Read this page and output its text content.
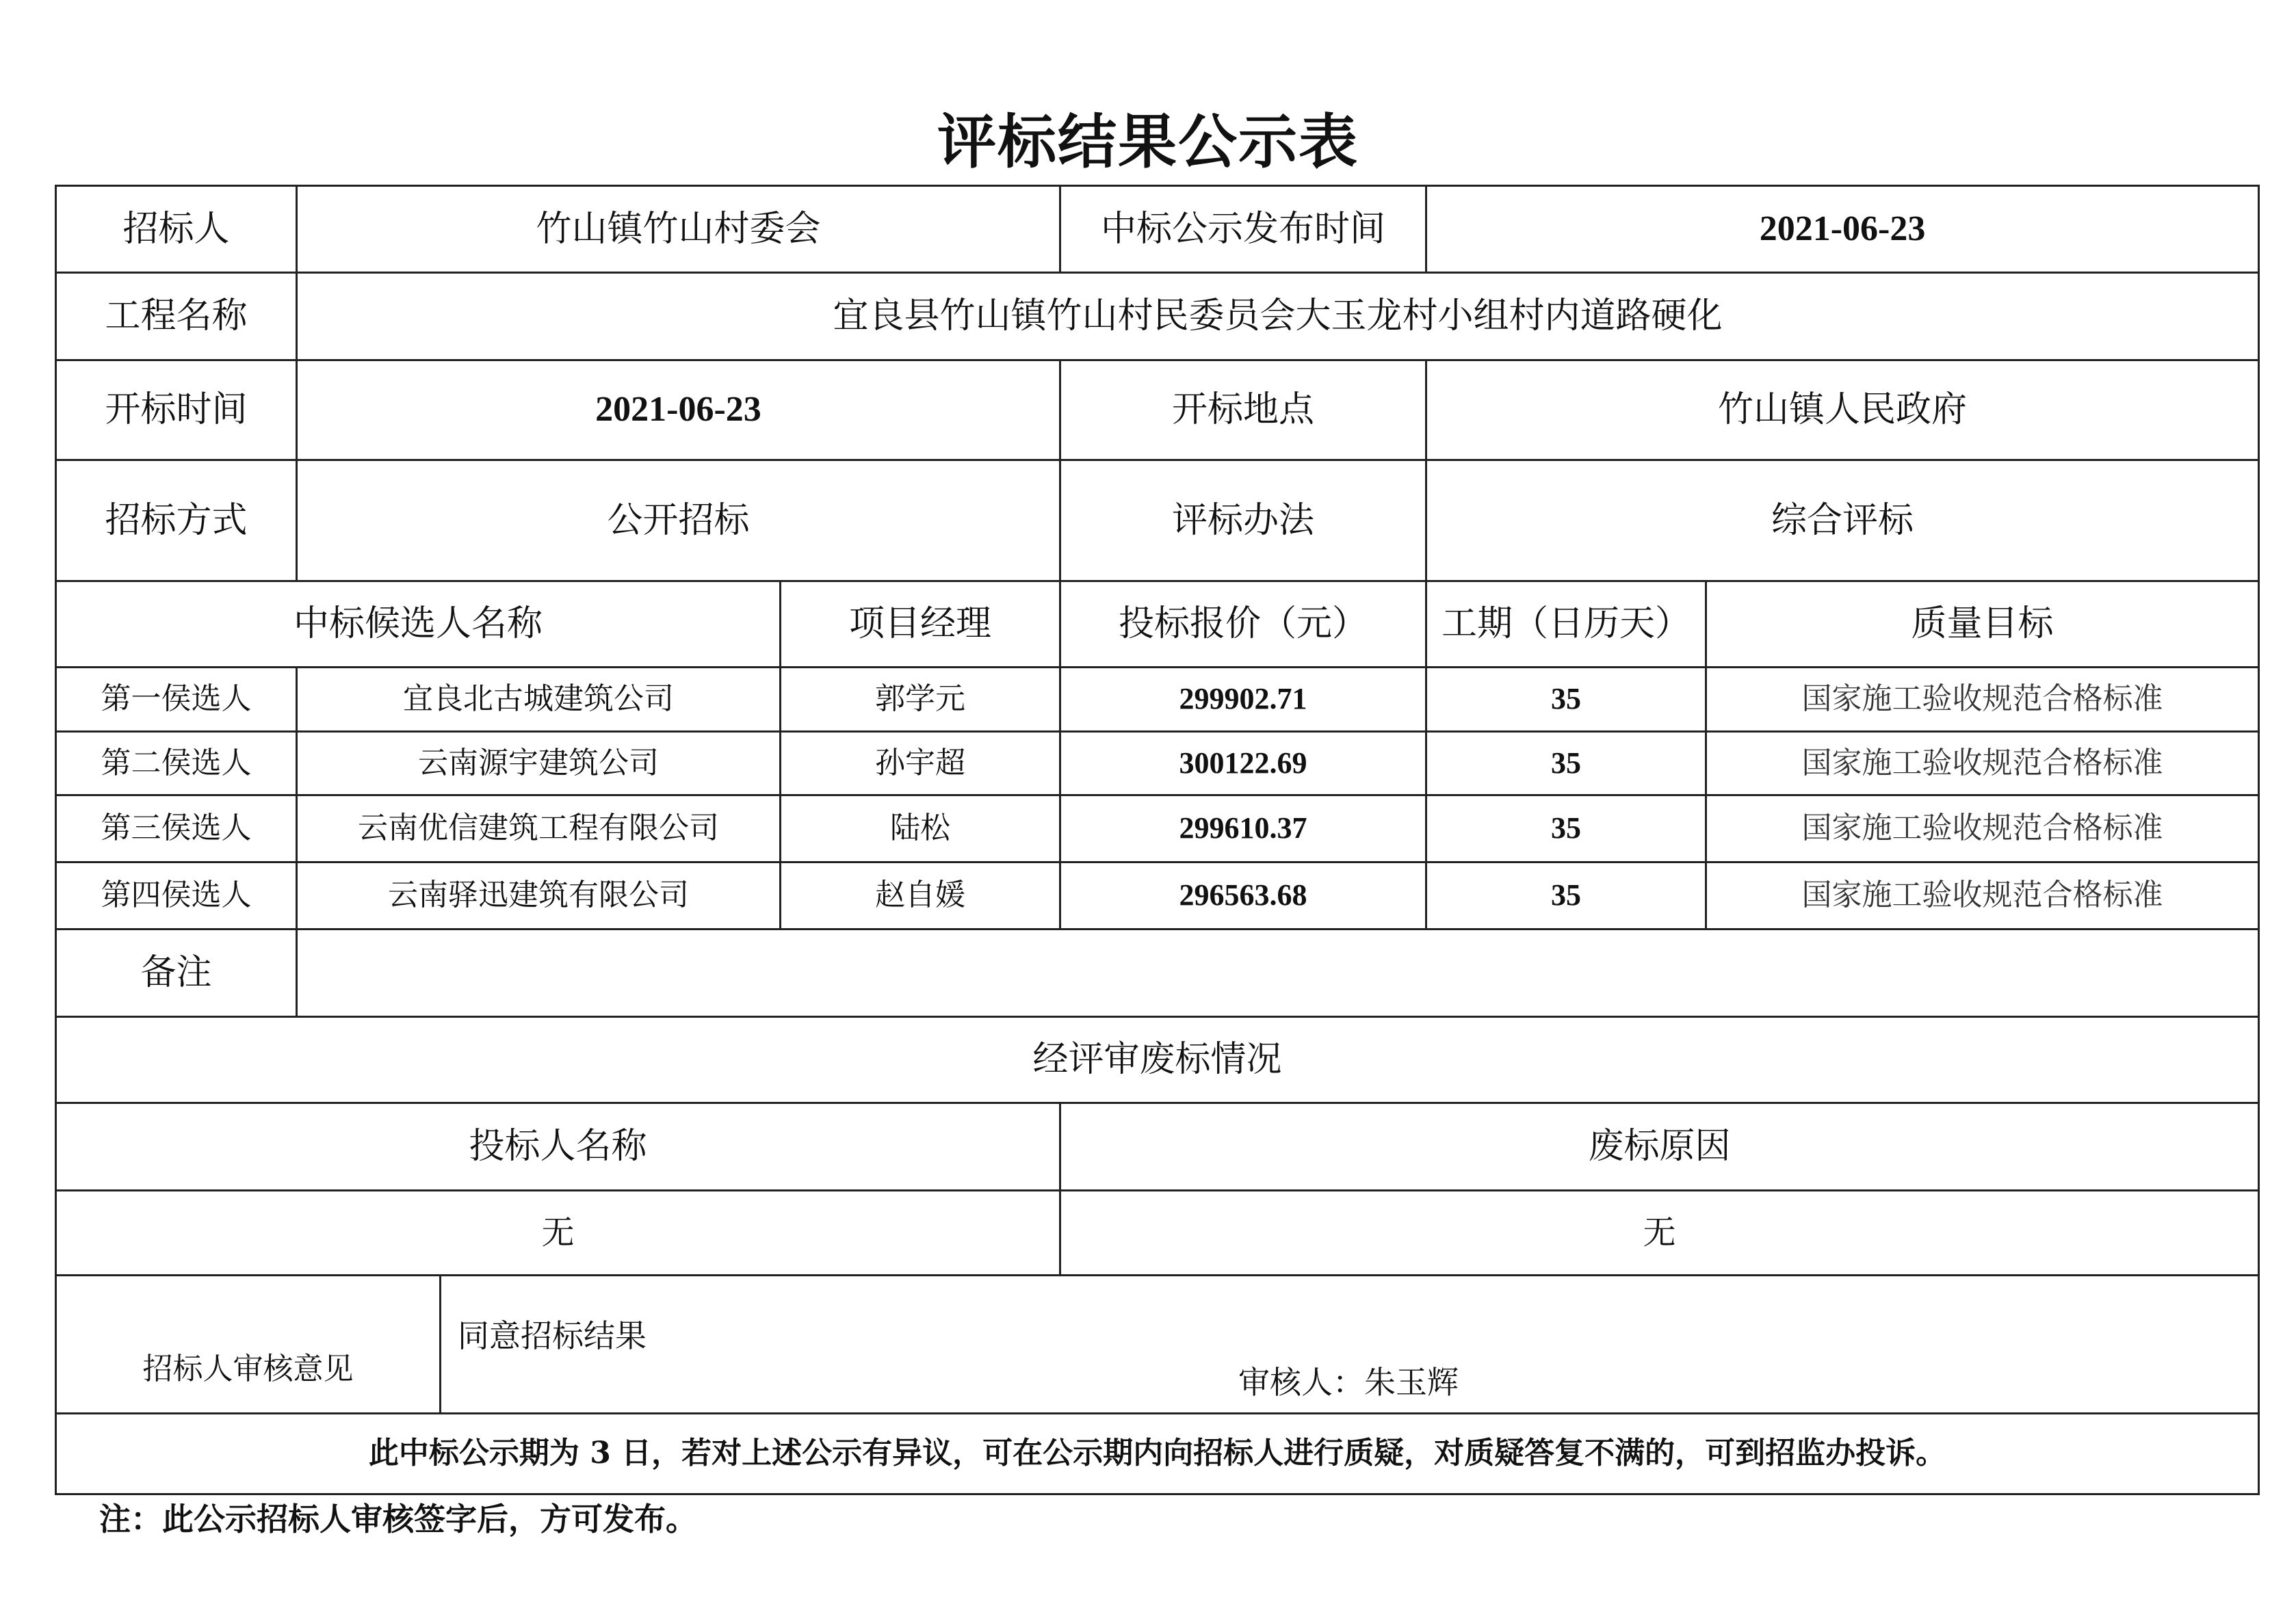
评标结果公示表
招标人	竹山镇竹山村委会			中标公示发布时间	2021-06-23	
工程名称	宜良县竹山镇竹山村民委员会大玉龙村小组村内道路硬化					
开标时间	2021-06-23			开标地点	竹山镇人民政府	
招标方式	公开招标			评标办法	综合评标	
中标候选人名称			项目经理	投标报价（元）	工期（日历天）	质量目标
第一侯选人	宜良北古城建筑公司		郭学元	299902.71	35	国家施工验收规范合格标准
第二侯选人	云南源宇建筑公司		孙宇超	300122.69	35	国家施工验收规范合格标准
第三侯选人	云南优信建筑工程有限公司		陆松	299610.37	35	国家施工验收规范合格标准
第四侯选人	云南驿迅建筑有限公司		赵自媛	296563.68	35	国家施工验收规范合格标准
备注						
经评审废标情况						
投标人名称				废标原因		
无				无		
招标人审核意见		同意招标结果
审核人：朱玉辉				

此中标公示期为 3 日，若对上述公示有异议，可在公示期内向招标人进行质疑，对质疑答复不满的，可到招监办投诉。						
注：此公示招标人审核签字后，方可发布。
